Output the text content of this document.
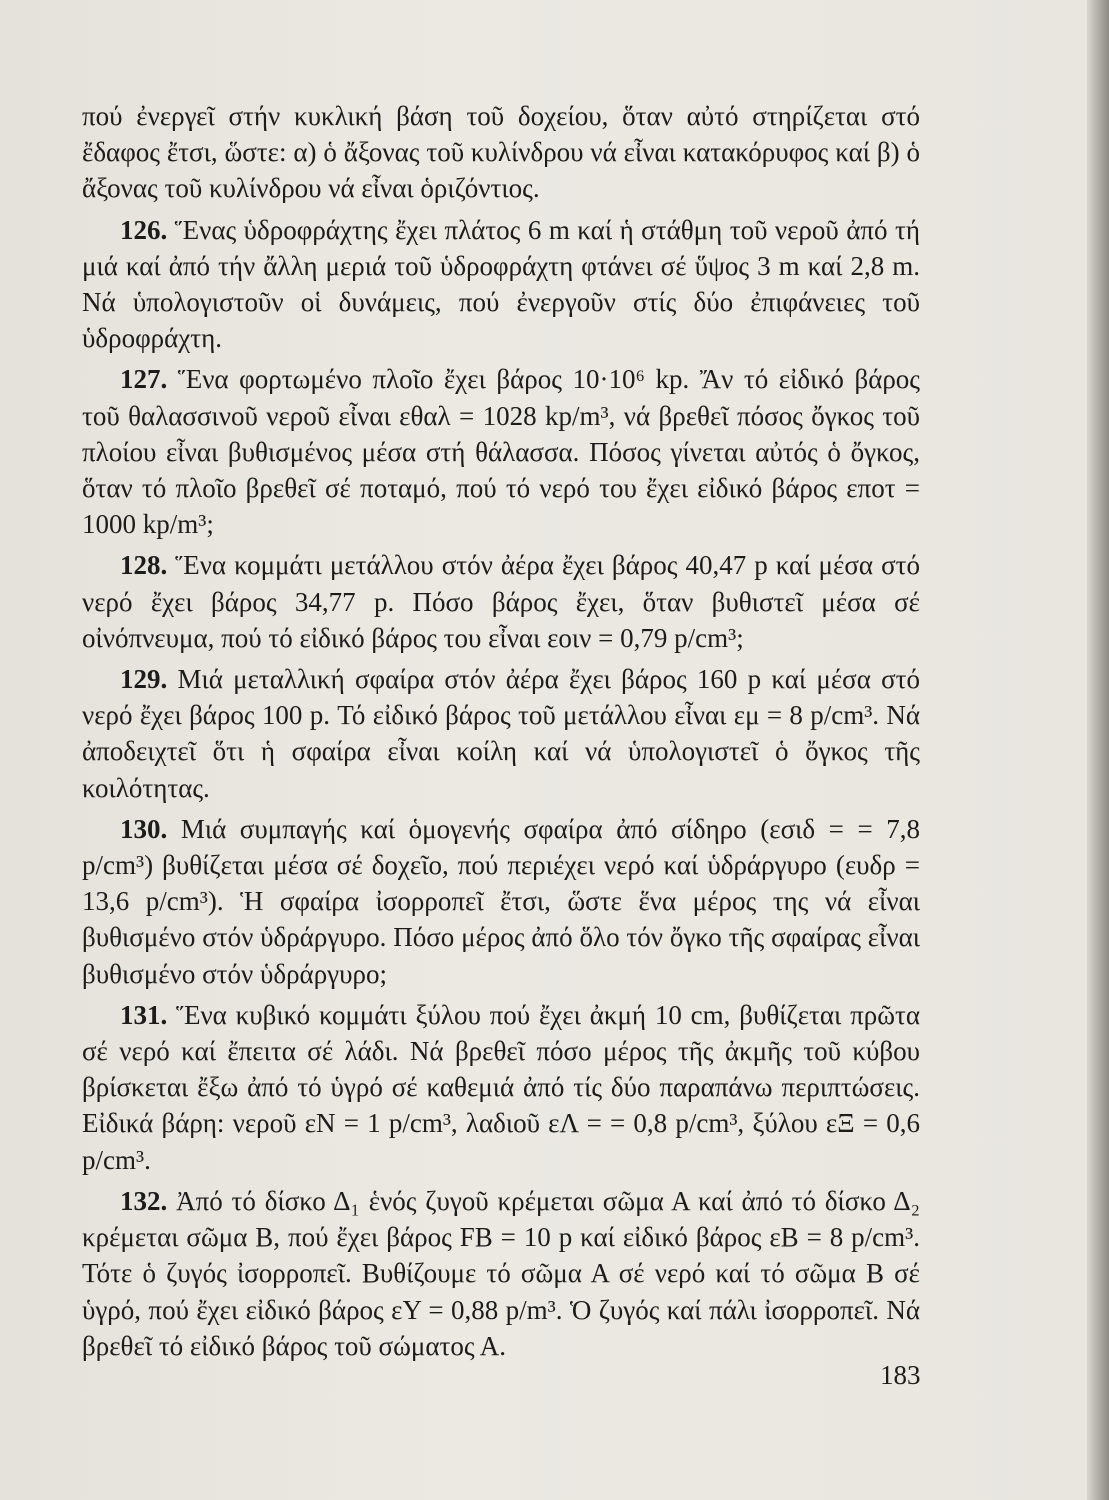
πού ἐνεργεῖ στήν κυκλική βάση τοῦ δοχείου, ὅταν αὐτό στηρίζεται στό ἔδαφος ἔτσι, ὥστε: α) ὁ ἄξονας τοῦ κυλίνδρου νά εἶναι κατακόρυφος καί β) ὁ ἄξονας τοῦ κυλίνδρου νά εἶναι ὁριζόντιος.

126. Ἕνας ὑδροφράχτης ἔχει πλάτος 6 m καί ἡ στάθμη τοῦ νεροῦ ἀπό τή μιά καί ἀπό τήν ἄλλη μεριά τοῦ ὑδροφράχτη φτάνει σέ ὕψος 3 m καί 2,8 m. Νά ὑπολογιστοῦν οἱ δυνάμεις, πού ἐνεργοῦν στίς δύο ἐπιφάνειες τοῦ ὑδροφράχτη.

127. Ἕνα φορτωμένο πλοῖο ἔχει βάρος 10·10⁶ kp. Ἄν τό εἰδικό βάρος τοῦ θαλασσινοῦ νεροῦ εἶναι εθαλ = 1028 kp/m³, νά βρεθεῖ πόσος ὄγκος τοῦ πλοίου εἶναι βυθισμένος μέσα στή θάλασσα. Πόσος γίνεται αὐτός ὁ ὄγκος, ὅταν τό πλοῖο βρεθεῖ σέ ποταμό, πού τό νερό του ἔχει εἰδικό βάρος εποτ = 1000 kp/m³;

128. Ἕνα κομμάτι μετάλλου στόν ἀέρα ἔχει βάρος 40,47 p καί μέσα στό νερό ἔχει βάρος 34,77 p. Πόσο βάρος ἔχει, ὅταν βυθιστεῖ μέσα σέ οἰνόπνευμα, πού τό εἰδικό βάρος του εἶναι εοιν = 0,79 p/cm³;

129. Μιά μεταλλική σφαίρα στόν ἀέρα ἔχει βάρος 160 p καί μέσα στό νερό ἔχει βάρος 100 p. Τό εἰδικό βάρος τοῦ μετάλλου εἶναι εμ = 8 p/cm³. Νά ἀποδειχτεῖ ὅτι ἡ σφαίρα εἶναι κοίλη καί νά ὑπολογιστεῖ ὁ ὄγκος τῆς κοιλότητας.

130. Μιά συμπαγής καί ὁμογενής σφαίρα ἀπό σίδηρο (εσιδ = = 7,8 p/cm³) βυθίζεται μέσα σέ δοχεῖο, πού περιέχει νερό καί ὑδράργυρο (ευδρ = 13,6 p/cm³). Ἡ σφαίρα ἰσορροπεῖ ἔτσι, ὥστε ἕνα μέρος της νά εἶναι βυθισμένο στόν ὑδράργυρο. Πόσο μέρος ἀπό ὅλο τόν ὄγκο τῆς σφαίρας εἶναι βυθισμένο στόν ὑδράργυρο;

131. Ἕνα κυβικό κομμάτι ξύλου πού ἔχει ἀκμή 10 cm, βυθίζεται πρῶτα σέ νερό καί ἔπειτα σέ λάδι. Νά βρεθεῖ πόσο μέρος τῆς ἀκμῆς τοῦ κύβου βρίσκεται ἔξω ἀπό τό ὑγρό σέ καθεμιά ἀπό τίς δύο παραπάνω περιπτώσεις. Εἰδικά βάρη: νεροῦ εΝ = 1 p/cm³, λαδιοῦ εΛ = = 0,8 p/cm³, ξύλου εΞ = 0,6 p/cm³.

132. Ἀπό τό δίσκο Δ₁ ἑνός ζυγοῦ κρέμεται σῶμα Α καί ἀπό τό δίσκο Δ₂ κρέμεται σῶμα Β, πού ἔχει βάρος FΒ = 10 p καί εἰδικό βάρος εΒ = 8 p/cm³. Τότε ὁ ζυγός ἰσορροπεῖ. Βυθίζουμε τό σῶμα Α σέ νερό καί τό σῶμα Β σέ ὑγρό, πού ἔχει εἰδικό βάρος εΥ = 0,88 p/m³. Ὁ ζυγός καί πάλι ἰσορροπεῖ. Νά βρεθεῖ τό εἰδικό βάρος τοῦ σώματος Α.

183
